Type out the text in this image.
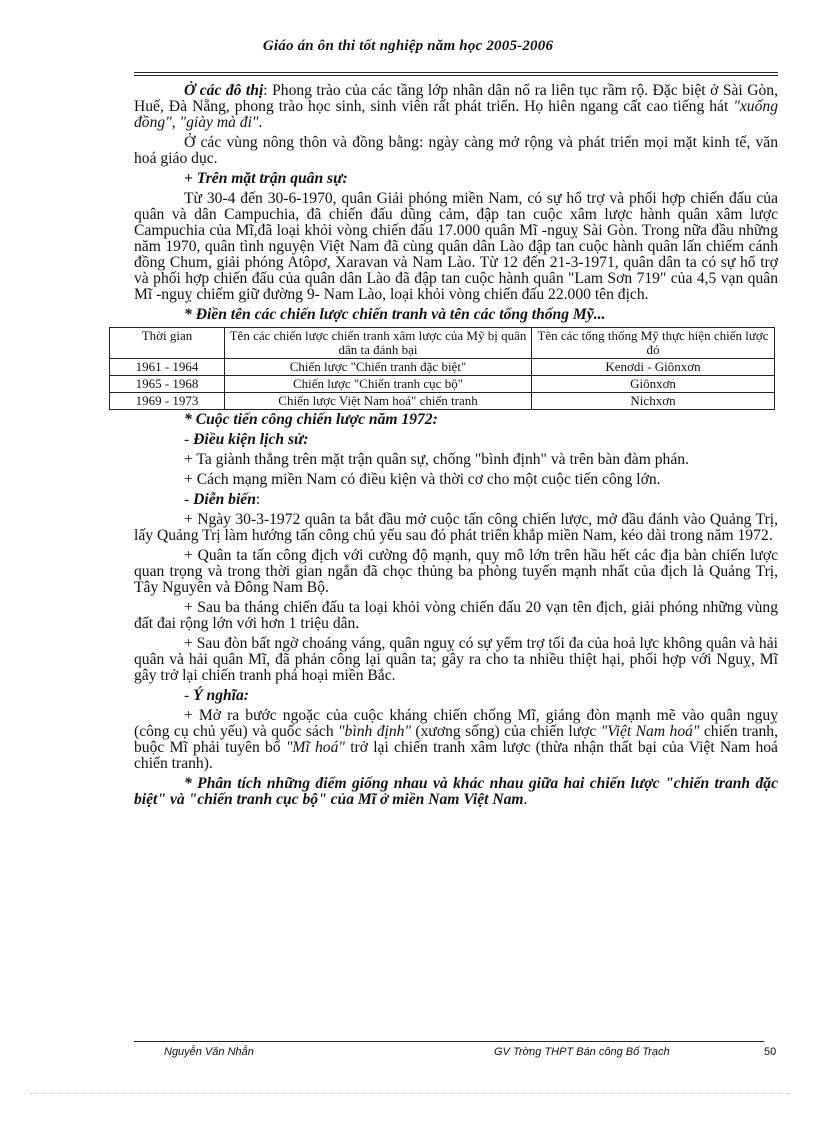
Giáo án ôn thi tốt nghiệp năm học 2005-2006

Ở các đô thị: Phong trào của các tầng lớp nhân dân nổ ra liên tục rầm rộ. Đặc biệt ở Sài Gòn, Huế, Đà Nẵng, phong trào học sinh, sinh viên rất phát triển. Họ hiên ngang cất cao tiếng hát "xuống đồng", "giày mà đi".

Ở các vùng nông thôn và đồng bằng: ngày càng mở rộng và phát triển mọi mặt kinh tế, văn hoá giáo dục.

+ Trên mặt trận quân sự:

Từ 30-4 đến 30-6-1970, quân Giải phóng miền Nam, có sự hổ trợ và phối hợp chiến đấu của quân và dân Campuchia, đã chiến đấu dũng cảm, đập tan cuộc xâm lược hành quân xâm lược Campuchia của Mĩ,đã loại khỏi vòng chiến đấu 17.000 quân Mĩ -nguỵ Sài Gòn. Trong nữa đầu những năm 1970, quân tình nguyện Việt Nam đã cùng quân dân Lào đập tan cuộc hành quân lấn chiếm cánh đồng Chum, giải phóng Atôpơ, Xaravan và Nam Lào. Từ 12 đến 21-3-1971, quân dân ta có sự hổ trợ và phối hợp chiến đấu của quân dân Lào đã đập tan cuộc hành quân "Lam Sơn 719" của 4,5 vạn quân Mĩ -nguỵ chiếm giữ đường 9- Nam Lào, loại khỏi vòng chiến đấu 22.000 tên địch.

* Điền tên các chiến lược chiến tranh và tên các tổng thống Mỹ...

Thời gian	Tên các chiến lược chiến tranh xâm lược của Mỹ bị quân dân ta đánh bại	Tên các tổng thống Mỹ thực hiện chiến lược đó
1961 - 1964	Chiến lược "Chiến tranh đặc biệt"	Kenơdi - Giônxơn
1965 - 1968	Chiến lược "Chiến tranh cục bộ"	Giônxơn
1969 - 1973	Chiến lược Việt Nam hoá" chiến tranh	Nichxơn

* Cuộc tiến công chiến lược năm 1972:

- Điều kiện lịch sử:

+ Ta giành thắng trên mặt trận quân sự, chống "bình định" và trên bàn đàm phán.

+ Cách mạng miền Nam có điều kiện và thời cơ cho một cuộc tiến công lớn.

- Diễn biến:

+ Ngày 30-3-1972 quân ta bắt đầu mở cuộc tấn công chiến lược, mở đầu đánh vào Quảng Trị, lấy Quảng Trị làm hướng tấn công chủ yếu sau đó phát triển khắp miền Nam, kéo dài trong năm 1972.

+ Quân ta tấn công địch với cường độ mạnh, quy mô lớn trên hầu hết các địa bàn chiến lược quan trọng và trong thời gian ngắn đã chọc thủng ba phòng tuyến mạnh nhất của địch là Quảng Trị, Tây Nguyên và Đông Nam Bộ.

+ Sau ba tháng chiến đấu ta loại khỏi vòng chiến đấu 20 vạn tên địch, giải phóng những vùng đất đai rộng lớn với hơn 1 triệu dân.

+ Sau đòn bất ngờ choáng váng, quân nguỵ có sự yểm trợ tối đa của hoả lực không quân và hải quân và hải quân Mĩ, đã phản công lại quân ta; gây ra cho ta nhiều thiệt hại, phối hợp với Nguỵ, Mĩ gây trở lại chiến tranh phá hoại miền Bắc.

- Ý nghĩa:

+ Mở ra bước ngoặc của cuộc kháng chiến chống Mĩ, giáng đòn mạnh mẽ vào quân nguỵ (công cụ chủ yếu) và quốc sách "bình định" (xương sống) của chiến lược "Việt Nam hoá" chiến tranh, buộc Mĩ phải tuyên bố "Mĩ hoá" trở lại chiến tranh xâm lược (thừa nhận thất bại của Việt Nam hoá chiến tranh).

* Phân tích những điểm giống nhau và khác nhau giữa hai chiến lược "chiến tranh đặc biệt" và "chiến tranh cục bộ" của Mĩ ở miền Nam Việt Nam.

Nguyễn Văn Nhẫn	GV Trờng THPT Bán công Bố Trạch	50
